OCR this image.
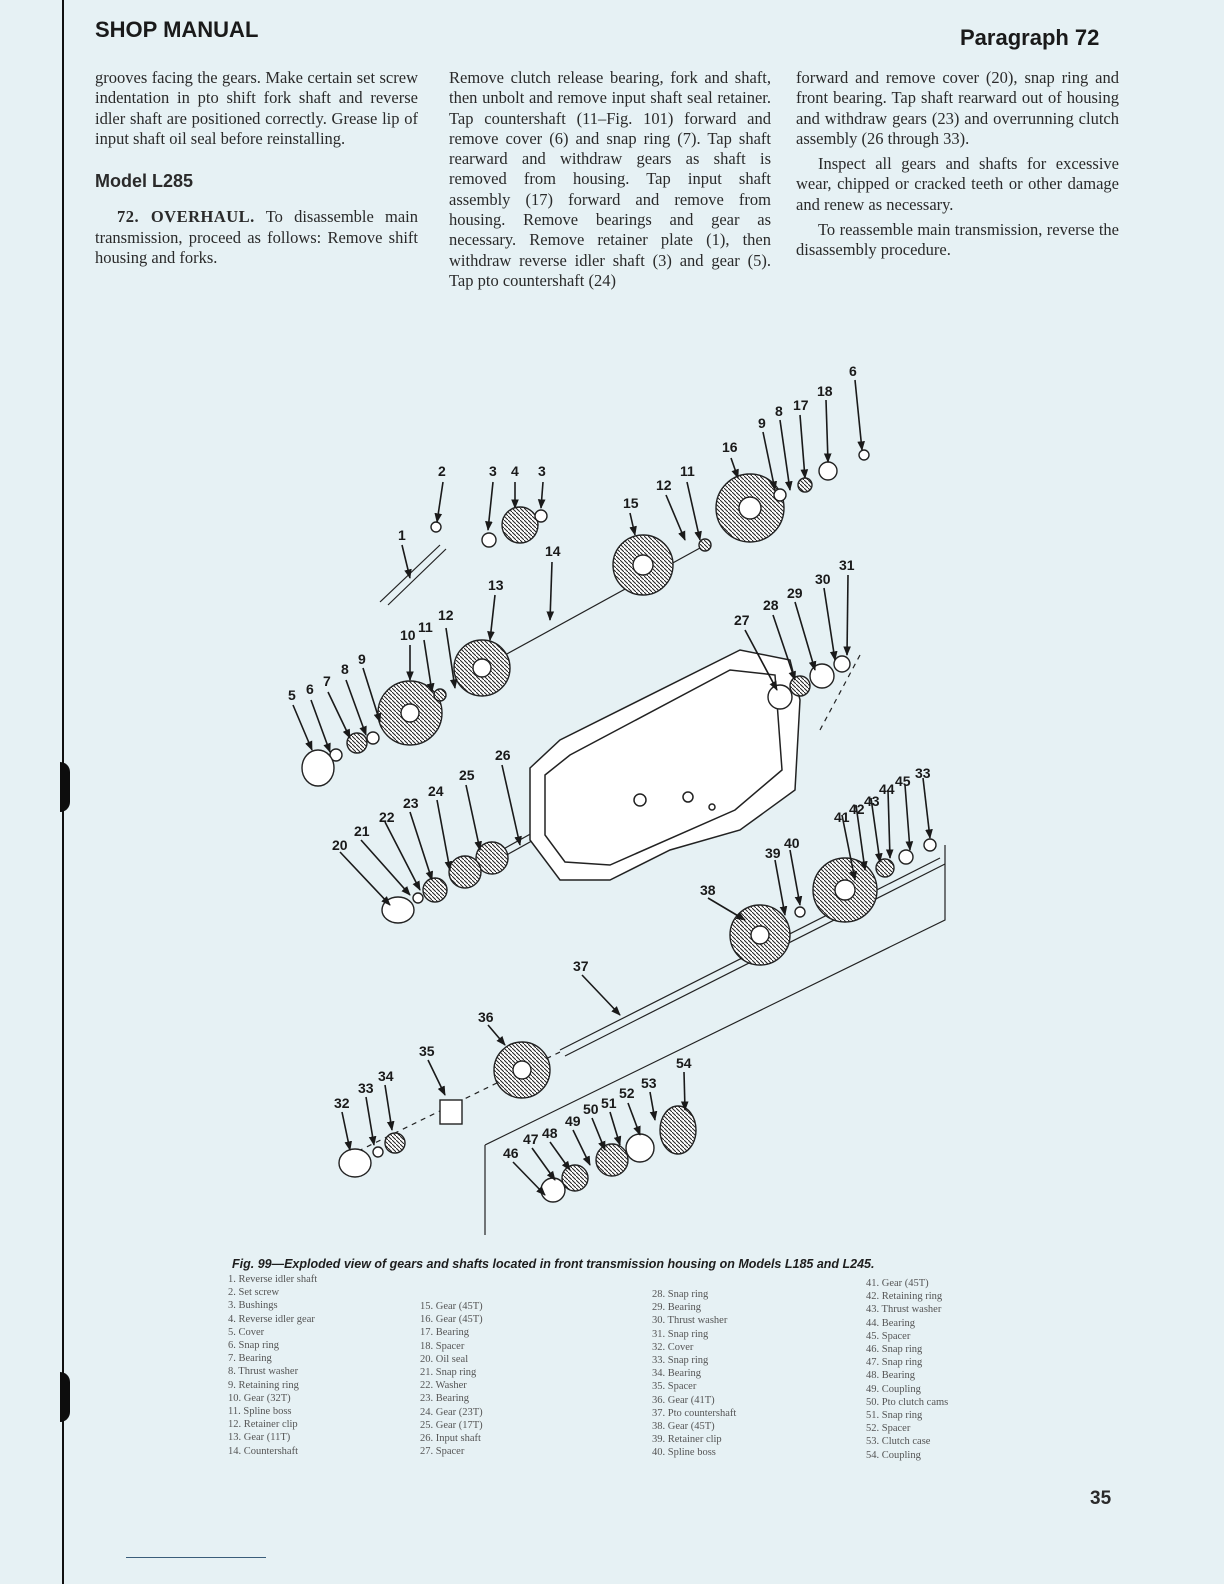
SHOP MANUAL	Paragraph 72

grooves facing the gears. Make certain set screw indentation in pto shift fork shaft and reverse idler shaft are positioned correctly. Grease lip of input shaft oil seal before reinstalling.

Model L285

72. OVERHAUL. To disassemble main transmission, proceed as follows: Remove shift housing and forks.

Remove clutch release bearing, fork and shaft, then unbolt and remove input shaft seal retainer. Tap countershaft (11–Fig. 101) forward and remove cover (6) and snap ring (7). Tap shaft rearward and withdraw gears as shaft is removed from housing. Tap input shaft assembly (17) forward and remove from housing. Remove bearings and gear as necessary. Remove retainer plate (1), then withdraw reverse idler shaft (3) and gear (5). Tap pto countershaft (24)

forward and remove cover (20), snap ring and front bearing. Tap shaft rearward out of housing and withdraw gears (23) and overrunning clutch assembly (26 through 33).

Inspect all gears and shafts for excessive wear, chipped or cracked teeth or other damage and renew as necessary.

To reassemble main transmission, reverse the disassembly procedure.

1
2	3 4 3
5 6 7
8
9
10 11
12
13
14
15
12
11
16
9
8 17
18
6
20
21
22
23
24
25
26
27
28
29
30
31
33
45
44
43
42
41
40
39
38
37
36
35
32
33
34
46
47 48
49
50 51
52
53
54
Fig. 99—Exploded view of gears and shafts located in front transmission housing on Models L185 and L245.
1. Reverse idler shaft
2. Set screw
3. Bushings
4. Reverse idler gear
5. Cover
6. Snap ring
7. Bearing
8. Thrust washer
9. Retaining ring
10. Gear (32T)
11. Spline boss
12. Retainer clip
13. Gear (11T)
14. Countershaft
15. Gear (45T)
16. Gear (45T)
17. Bearing
18. Spacer
20. Oil seal
21. Snap ring
22. Washer
23. Bearing
24. Gear (23T)
25. Gear (17T)
26. Input shaft
27. Spacer
28. Snap ring
29. Bearing
30. Thrust washer
31. Snap ring
32. Cover
33. Snap ring
34. Bearing
35. Spacer
36. Gear (41T)
37. Pto countershaft
38. Gear (45T)
39. Retainer clip
40. Spline boss
41. Gear (45T)
42. Retaining ring
43. Thrust washer
44. Bearing
45. Spacer
46. Snap ring
47. Snap ring
48. Bearing
49. Coupling
50. Pto clutch cams
51. Snap ring
52. Spacer
53. Clutch case
54. Coupling
35
